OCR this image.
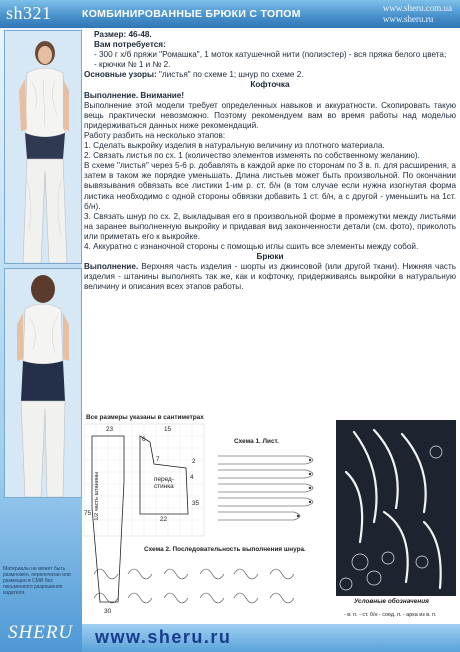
sh321	КОМБИНИРОВАННЫЕ БРЮКИ С ТОПОМ	www.sheru.com.ua
www.sheru.ru
Материалы не может быть размножен, перепечатан или размещен в СМИ без письменного разрешения издателя.
SHERU

Размер: 46-48.

Вам потребуется:

- 300 г х/б пряжи "Ромашка", 1 моток катушечной нити (полиэстер) - вся пряжа белого цвета;

- крючки № 1 и № 2.

Основные узоры: "листья" по схеме 1; шнур по схеме 2.

Кофточка

Выполнение. Внимание!

Выполнение этой модели требует определенных навыков и аккуратности. Скопировать такую вещь практически невозможно. Поэтому рекомендуем вам во время работы над моделью придерживаться данных ниже рекомендаций.

Работу разбить на несколько этапов:

1. Сделать выкройку изделия в натуральную величину из плотного материала.

2. Связать листья по сх. 1 (количество элементов изменять по собственному желанию).

В схеме "листья" через 5-6 р. добавлять в каждой арке по сторонам по 3 в. п. для расширения, а затем в таком же порядке уменьшать. Длина листьев может быть произвольной. По окончании вывязывания обвязать все листики 1-им р. ст. б/н (в том случае если нужна изогнутая форма листика необходимо с одной стороны обвязки добавить 1 ст. б/н, а с другой - уменьшить на 1ст. б/н).

3. Связать шнур по сх. 2, выкладывая его в произвольной форме в промежутки между листьями на заранее выполненную выкройку и придавая вид законченности детали (см. фото), приколоть или приметать его к выкройке.

4. Аккуратно с изнаночной стороны с помощью иглы сшить все элементы между собой.

Брюки

Выполнение. Верхняя часть изделия - шорты из джинсовой (или другой ткани). Нижняя часть изделия - штанины выполнять так же, как и кофточку, придерживаясь выкройки в натуральную величину и описания всех этапов работы.

Все размеры указаны в сантиметрах
перед-стинка
1/2 часть штанины
Схема 1. Лист.
Схема 2. Последовательность выполнения шнура.
Условные обозначения
- в. п. - ст. б/н - соед. п. - арка из в. п.
15
6
7	2
4
23
22
35
75
30
www.sheru.ru
